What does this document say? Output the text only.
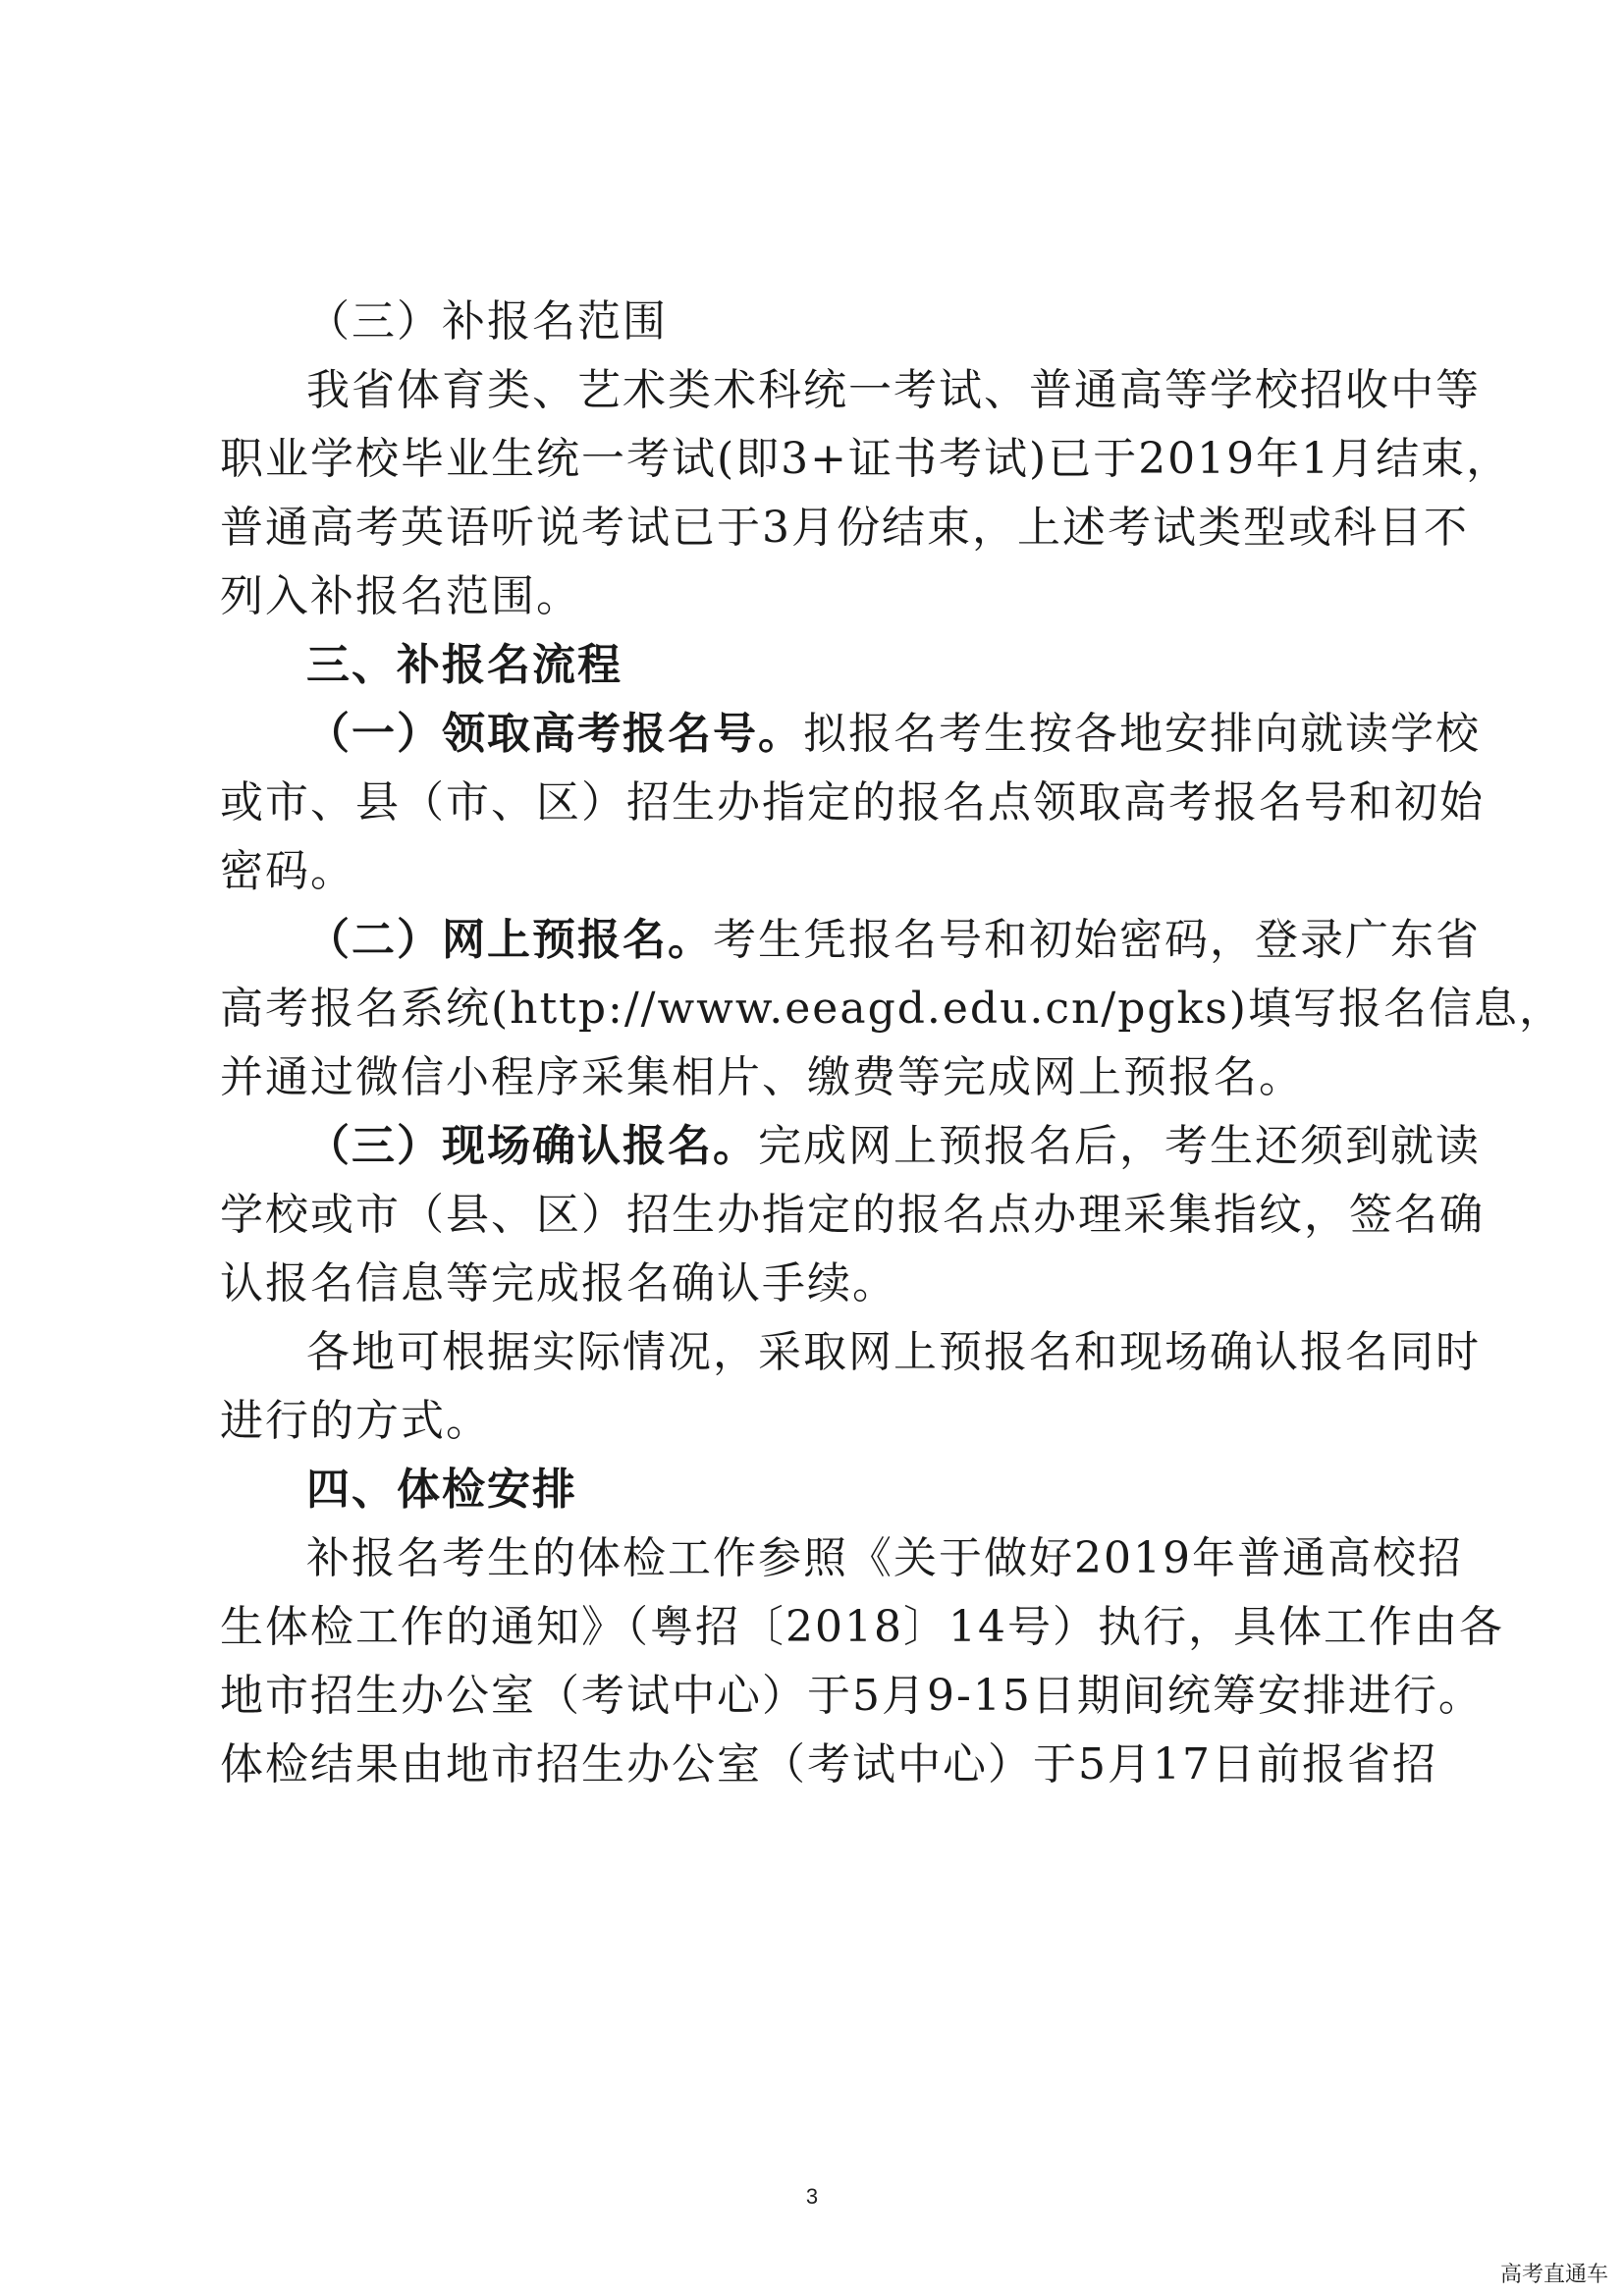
（三）补报名范围
我省体育类、艺术类术科统一考试、普通高等学校招收中等
职业学校毕业生统一考试(即3+证书考试)已于2019年1月结束，
普通高考英语听说考试已于3月份结束，上述考试类型或科目不
列入补报名范围。
三、补报名流程
（一）领取高考报名号。拟报名考生按各地安排向就读学校
或市、县（市、区）招生办指定的报名点领取高考报名号和初始
密码。
（二）网上预报名。考生凭报名号和初始密码，登录广东省
高考报名系统(http://www.eeagd.edu.cn/pgks)填写报名信息，
并通过微信小程序采集相片、缴费等完成网上预报名。
（三）现场确认报名。完成网上预报名后，考生还须到就读
学校或市（县、区）招生办指定的报名点办理采集指纹，签名确
认报名信息等完成报名确认手续。
各地可根据实际情况，采取网上预报名和现场确认报名同时
进行的方式。
四、体检安排
补报名考生的体检工作参照《关于做好2019年普通高校招
生体检工作的通知》（粤招〔2018〕14号）执行，具体工作由各
地市招生办公室（考试中心）于5月9-15日期间统筹安排进行。
体检结果由地市招生办公室（考试中心）于5月17日前报省招
3
高考直通车
